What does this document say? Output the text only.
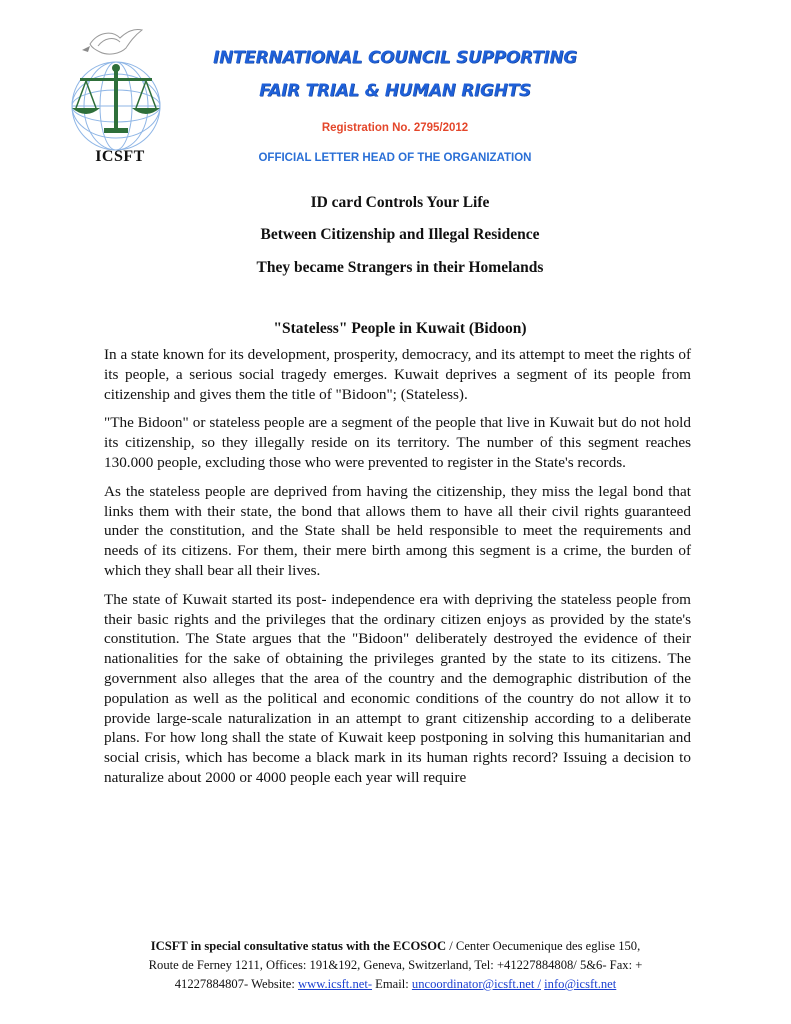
ICSFT
INTERNATIONAL COUNCIL SUPPORTING
FAIR TRIAL & HUMAN RIGHTS
Registration No. 2795/2012
OFFICIAL LETTER HEAD OF THE ORGANIZATION
ID card Controls Your Life
Between Citizenship and Illegal Residence
They became Strangers in their Homelands
"Stateless" People in Kuwait (Bidoon)

In a state known for its development, prosperity, democracy, and its attempt to meet the rights of its people, a serious social tragedy emerges. Kuwait deprives a segment of its people from citizenship and gives them the title of "Bidoon"; (Stateless).

"The Bidoon" or stateless people are a segment of the people that live in Kuwait but do not hold its citizenship, so they illegally reside on its territory. The number of this segment reaches 130.000 people, excluding those who were prevented to register in the State's records.

As the stateless people are deprived from having the citizenship, they miss the legal bond that links them with their state, the bond that allows them to have all their civil rights guaranteed under the constitution, and the State shall be held responsible to meet the requirements and needs of its citizens. For them, their mere birth among this segment is a crime, the burden of which they shall bear all their lives.

The state of Kuwait started its post- independence era with depriving the stateless people from their basic rights and the privileges that the ordinary citizen enjoys as provided by the state's constitution. The State argues that the "Bidoon" deliberately destroyed the evidence of their nationalities for the sake of obtaining the privileges granted by the state to its citizens. The government also alleges that the area of the country and the demographic distribution of the population as well as the political and economic conditions of the country do not allow it to provide large-scale naturalization in an attempt to grant citizenship according to a deliberate plans. For how long shall the state of Kuwait keep postponing in solving this humanitarian and social crisis, which has become a black mark in its human rights record? Issuing a decision to naturalize about 2000 or 4000 people each year will require

ICSFT in special consultative status with the ECOSOC / Center Oecumenique des eglise 150,
Route de Ferney 1211, Offices: 191&192, Geneva, Switzerland, Tel: +41227884808/ 5&6- Fax: +
41227884807- Website: www.icsft.net- Email: uncoordinator@icsft.net / info@icsft.net
